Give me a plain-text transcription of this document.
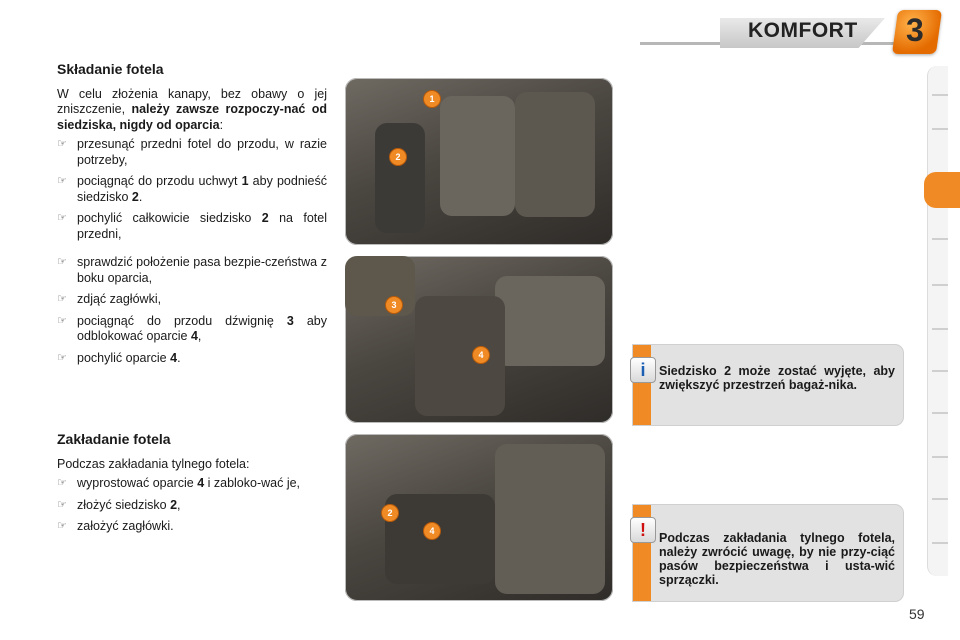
KOMFORT 3
Składanie fotela

W celu złożenia kanapy, bez obawy o jej zniszczenie, należy zawsze rozpoczy-nać od siedziska, nigdy od oparcia:

☞ przesunąć przedni fotel do przodu, w razie potrzeby,
☞ pociągnąć do przodu uchwyt 1 aby podnieść siedzisko 2.
☞ pochylić całkowicie siedzisko 2 na fotel przedni,
☞ sprawdzić położenie pasa bezpie-czeństwa z boku oparcia,
☞ zdjąć zagłówki,
☞ pociągnąć do przodu dźwignię 3 aby odblokować oparcie 4,
☞ pochylić oparcie 4.
Zakładanie fotela

Podczas zakładania tylnego fotela:

☞ wyprostować oparcie 4 i zabloko-wać je,
☞ złożyć siedzisko 2,
☞ założyć zagłówki.
1
2
3
4
2
4
i	Siedzisko 2 może zostać wyjęte, aby zwiększyć przestrzeń bagaż-nika.
!	Podczas zakładania tylnego fotela, należy zwrócić uwagę, by nie przy-ciąć pasów bezpieczeństwa i usta-wić sprzączki.
59
